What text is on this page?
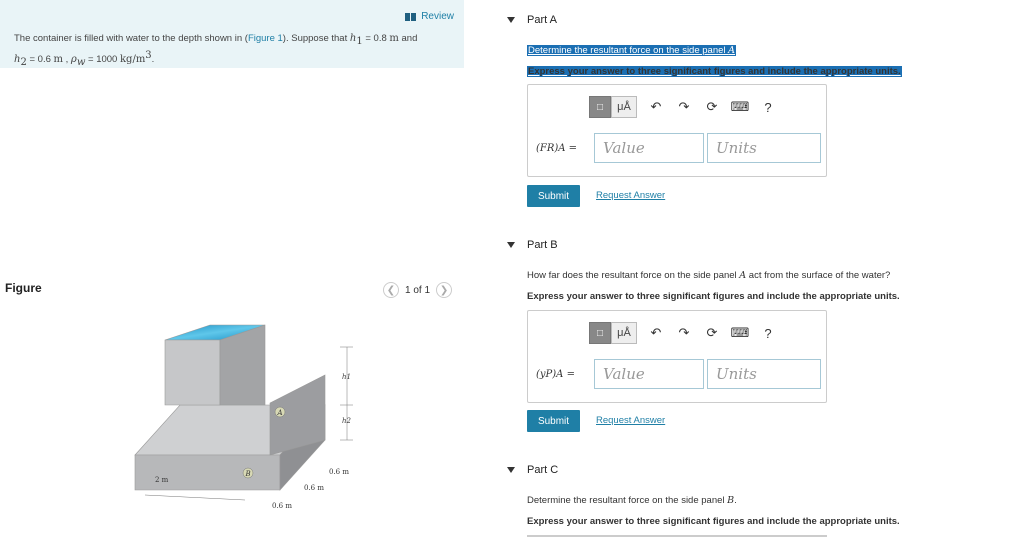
Review
The container is filled with water to the depth shown in (Figure 1). Suppose that $h_1 = 0.8$ m and
$h_2 = 0.6$ m , $\rho_w = 1000$ $kg/m^3$.
Figure	❮ 1 of 1 ❯
A
B
h1
h2
2 m
0.6 m
0.6 m
0.6 m
Part A
Determine the resultant force on the side panel A
Express your answer to three significant figures and include the appropriate units.
□	μÅ	↶ ↷ ⟳ ⌨	?
(FR)A =	Value	Units
Submit	Request Answer
Part B
How far does the resultant force on the side panel A act from the surface of the water?
Express your answer to three significant figures and include the appropriate units.
□	μÅ	↶ ↷ ⟳ ⌨	?
(yP)A =	Value	Units
Submit	Request Answer
Part C
Determine the resultant force on the side panel B.
Express your answer to three significant figures and include the appropriate units.
